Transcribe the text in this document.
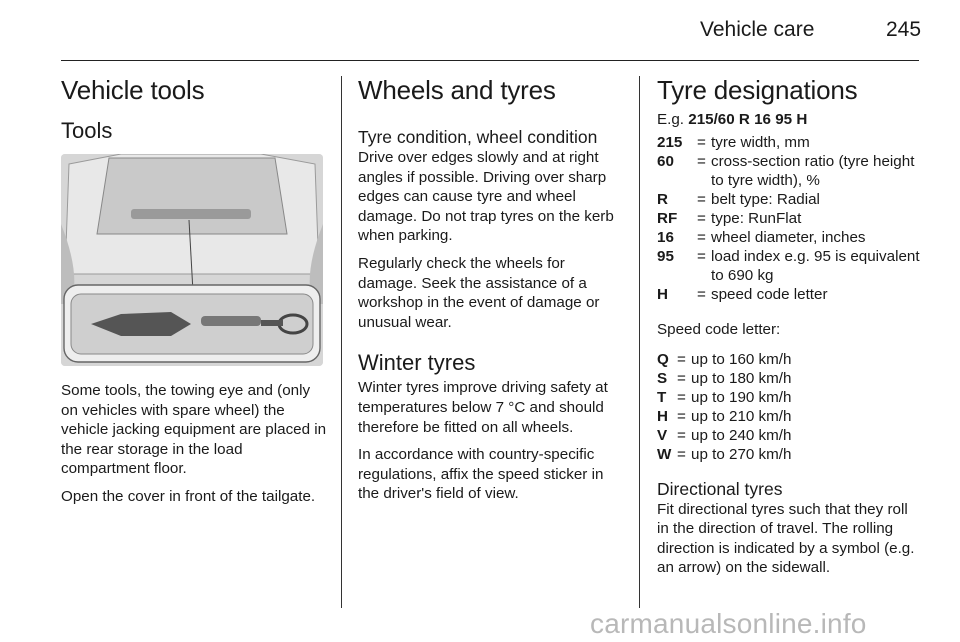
Vehicle care	245
Vehicle tools
Tools

Some tools, the towing eye and (only on vehicles with spare wheel) the vehicle jacking equipment are placed in the rear storage in the load compartment floor.

Open the cover in front of the tailgate.

Wheels and tyres
Tyre condition, wheel condition

Drive over edges slowly and at right angles if possible. Driving over sharp edges can cause tyre and wheel damage. Do not trap tyres on the kerb when parking.

Regularly check the wheels for damage. Seek the assistance of a workshop in the event of damage or unusual wear.

Winter tyres

Winter tyres improve driving safety at temperatures below 7 °C and should therefore be fitted on all wheels.

In accordance with country-specific regulations, affix the speed sticker in the driver's field of view.

Tyre designations
E.g. 215/60 R 16 95 H
215 = tyre width, mm
60	= cross-section ratio (tyre height to tyre width), %
R	= belt type: Radial
RF	= type: RunFlat
16	= wheel diameter, inches
95	= load index e.g. 95 is equivalent to 690 kg
H	= speed code letter

Speed code letter:

Q = up to 160 km/h
S = up to 180 km/h
T = up to 190 km/h
H = up to 210 km/h
V = up to 240 km/h
W = up to 270 km/h
Directional tyres

Fit directional tyres such that they roll in the direction of travel. The rolling direction is indicated by a symbol (e.g. an arrow) on the sidewall.

carmanualsonline.info
